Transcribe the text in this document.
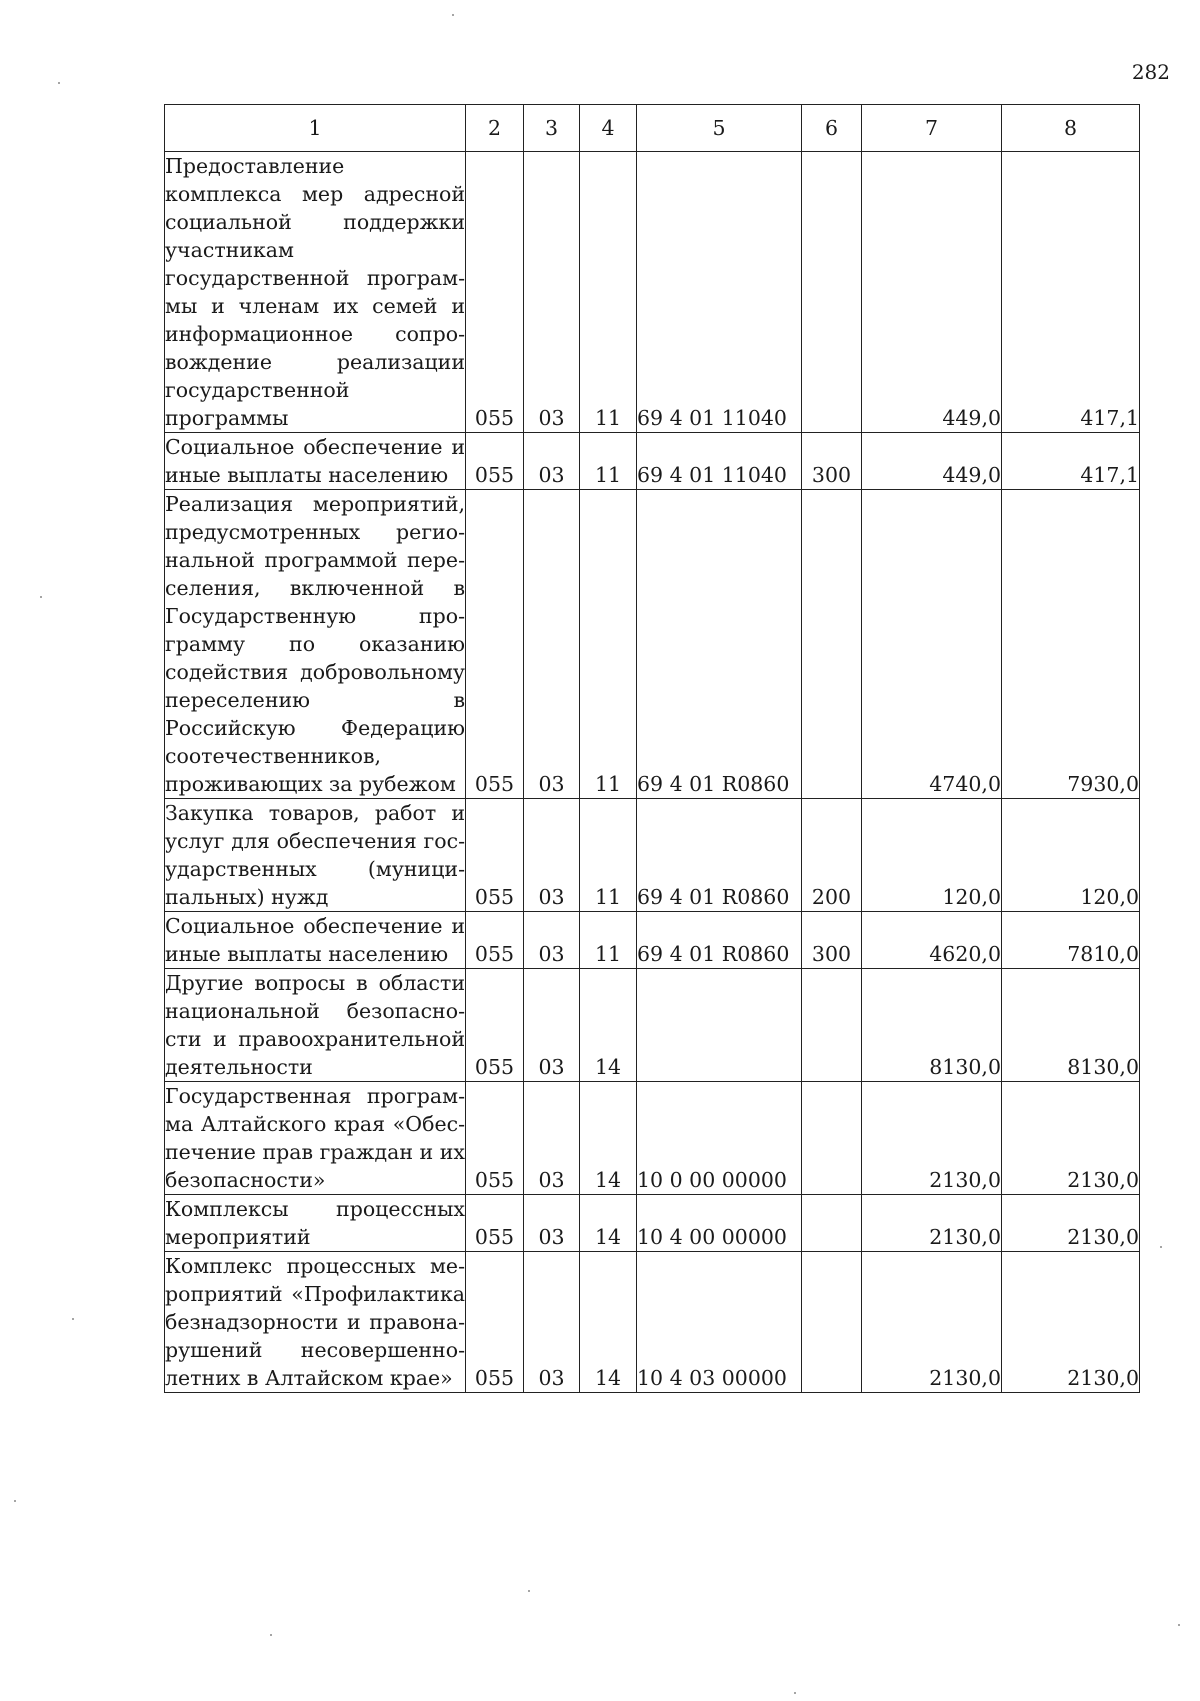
282
1	2	3	4	5	6	7	8
Предоставление комплекса мер адресной социальной поддержки участникам государственной программы и членам их семей и информационное сопровождение реализации государственной программы	055	03	11	69 4 01 11040		449,0	417,1
Социальное обеспечение и иные выплаты населению	055	03	11	69 4 01 11040	300	449,0	417,1
Реализация мероприятий, предусмотренных региональной программой переселения, включенной в Государственную программу по оказанию содействия добровольному переселению в Российскую Федерацию соотечественников, проживающих за рубежом	055	03	11	69 4 01 R0860		4740,0	7930,0
Закупка товаров, работ и услуг для обеспечения государственных (муниципальных) нужд	055	03	11	69 4 01 R0860	200	120,0	120,0
Социальное обеспечение и иные выплаты населению	055	03	11	69 4 01 R0860	300	4620,0	7810,0
Другие вопросы в области национальной безопасности и правоохранительной деятельности	055	03	14			8130,0	8130,0
Государственная программа Алтайского края «Обеспечение прав граждан и их безопасности»	055	03	14	10 0 00 00000		2130,0	2130,0
Комплексы процессных мероприятий	055	03	14	10 4 00 00000		2130,0	2130,0
Комплекс процессных мероприятий «Профилактика безнадзорности и правонарушений несовершеннолетних в Алтайском крае»	055	03	14	10 4 03 00000		2130,0	2130,0
